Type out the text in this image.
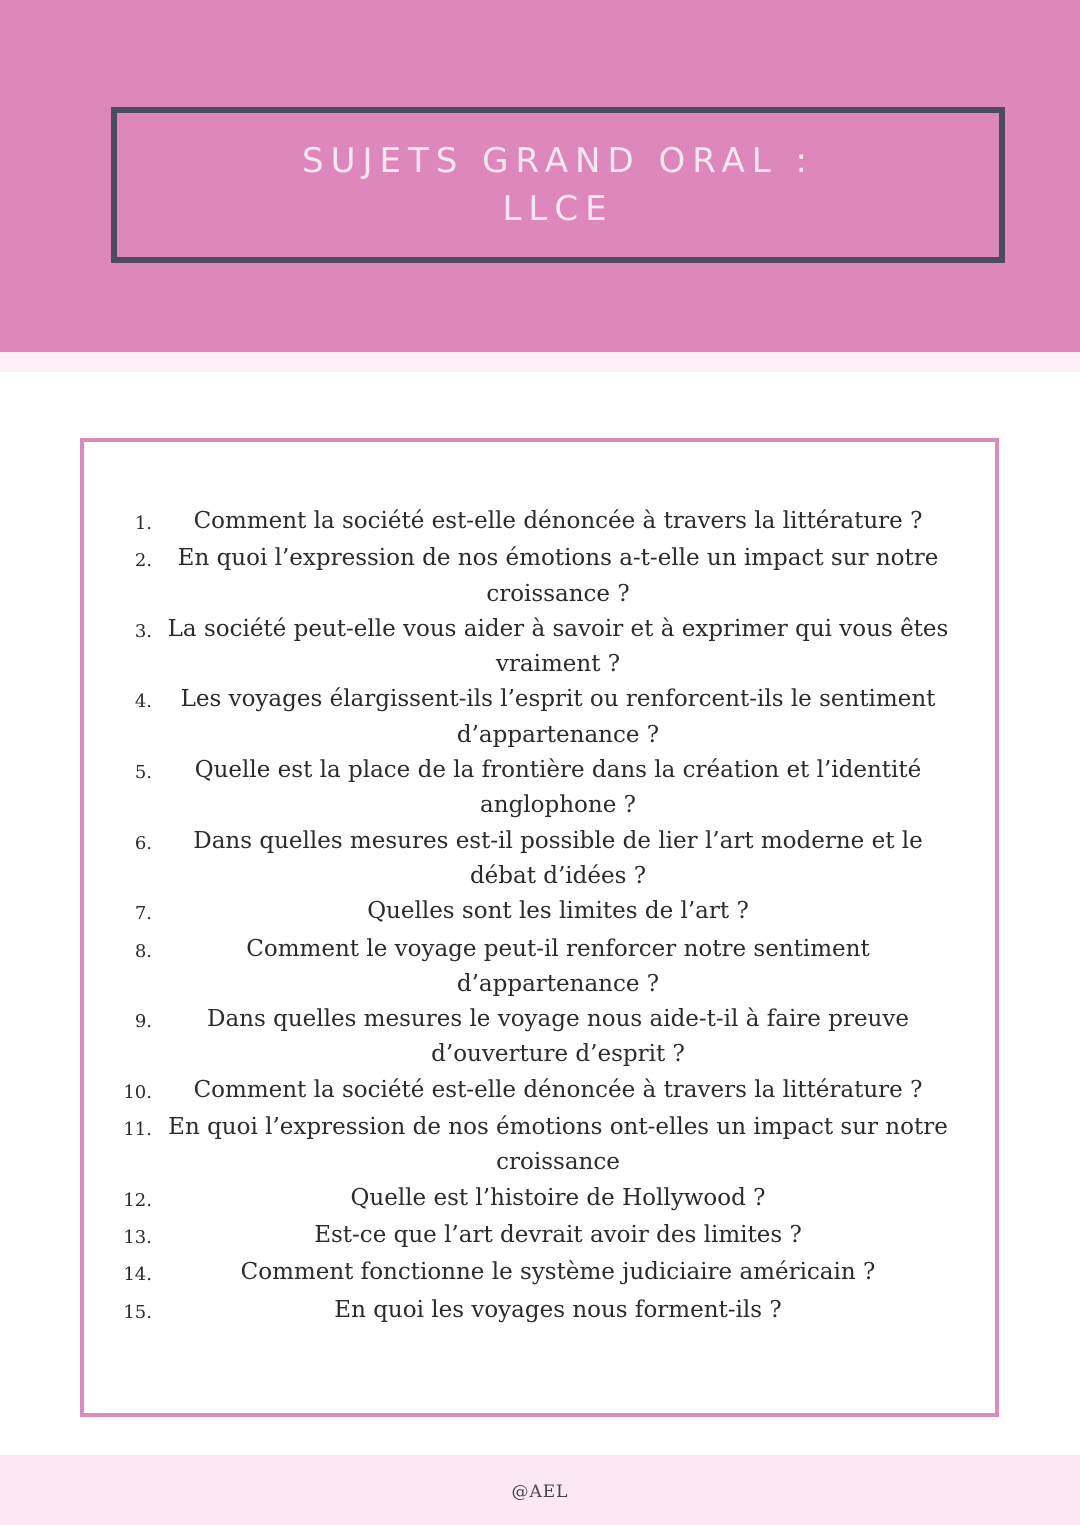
SUJETS GRAND ORAL :
LLCE
1.	Comment la société est-elle dénoncée à travers la littérature ?
2.	En quoi l’expression de nos émotions a-t-elle un impact sur notre croissance ?
3. La société peut-elle vous aider à savoir et à exprimer qui vous êtes vraiment ?
4.	Les voyages élargissent-ils l’esprit ou renforcent-ils le sentiment d’appartenance ?
5.	Quelle est la place de la frontière dans la création et l’identité anglophone ?
6.	Dans quelles mesures est-il possible de lier l’art moderne et le débat d’idées ?
7.	Quelles sont les limites de l’art ?
8.	Comment le voyage peut-il renforcer notre sentiment d’appartenance ?
9.	Dans quelles mesures le voyage nous aide-t-il à faire preuve d’ouverture d’esprit ?
10.	Comment la société est-elle dénoncée à travers la littérature ?
11. En quoi l’expression de nos émotions ont-elles un impact sur notre croissance
12.	Quelle est l’histoire de Hollywood ?
13.	Est-ce que l’art devrait avoir des limites ?
14.	Comment fonctionne le système judiciaire américain ?
15.	En quoi les voyages nous forment-ils ?
@AEL
